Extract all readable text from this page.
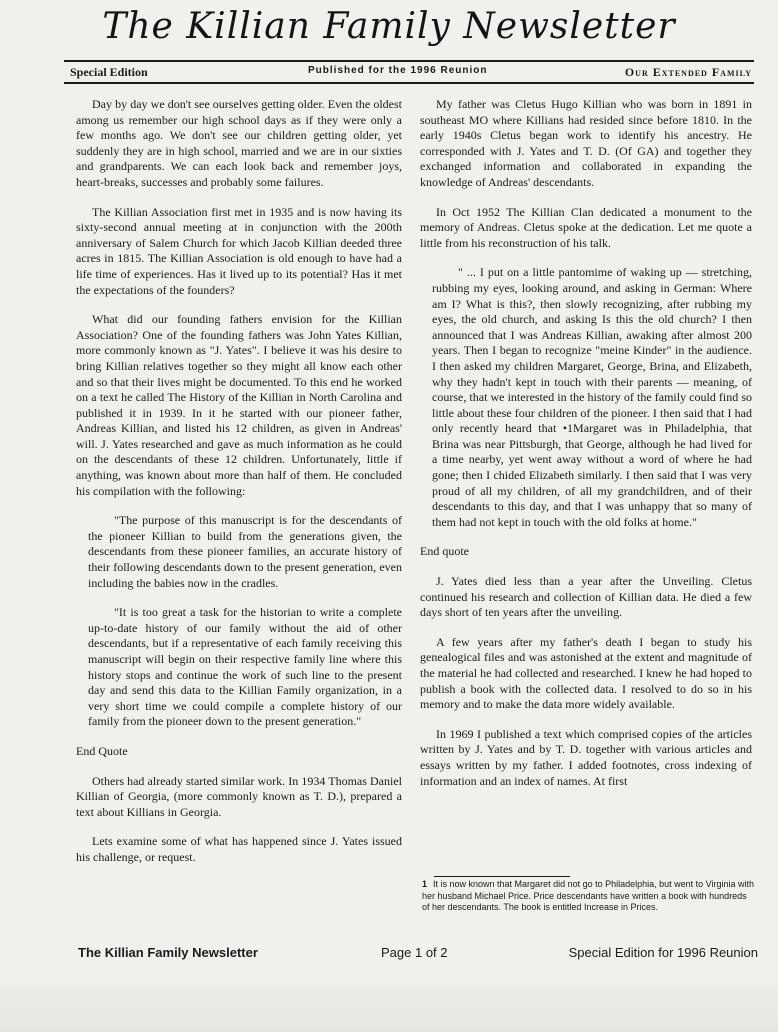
The Killian Family Newsletter
Special Edition	Published for the 1996 Reunion	Our Extended Family

Day by day we don't see ourselves getting older. Even the oldest among us remember our high school days as if they were only a few months ago. We don't see our children getting older, yet suddenly they are in high school, married and we are in our sixties and grandparents. We can each look back and remember joys, heart-breaks, successes and probably some failures.

The Killian Association first met in 1935 and is now having its sixty-second annual meeting at in conjunction with the 200th anniversary of Salem Church for which Jacob Killian deeded three acres in 1815. The Killian Association is old enough to have had a life time of experiences. Has it lived up to its potential? Has it met the expectations of the founders?

What did our founding fathers envision for the Killian Association? One of the founding fathers was John Yates Killian, more commonly known as "J. Yates". I believe it was his desire to bring Killian relatives together so they might all know each other and so that their lives might be documented. To this end he worked on a text he called The History of the Killian in North Carolina and published it in 1939. In it he started with our pioneer father, Andreas Killian, and listed his 12 children, as given in Andreas' will. J. Yates researched and gave as much information as he could on the descendants of these 12 children. Unfortunately, little if anything, was known about more than half of them. He concluded his compilation with the following:

"The purpose of this manuscript is for the descendants of the pioneer Killian to build from the generations given, the descendants from these pioneer families, an accurate history of their following descendants down to the present generation, even including the babies now in the cradles.

"It is too great a task for the historian to write a complete up-to-date history of our family without the aid of other descendants, but if a representative of each family receiving this manuscript will begin on their respective family line where this history stops and continue the work of such line to the present day and send this data to the Killian Family organization, in a very short time we could compile a complete history of our family from the pioneer down to the present generation."

End Quote

Others had already started similar work. In 1934 Thomas Daniel Killian of Georgia, (more commonly known as T. D.), prepared a text about Killians in Georgia.

Lets examine some of what has happened since J. Yates issued his challenge, or request.

My father was Cletus Hugo Killian who was born in 1891 in southeast MO where Killians had resided since before 1810. In the early 1940s Cletus began work to identify his ancestry. He corresponded with J. Yates and T. D. (Of GA) and together they exchanged information and collaborated in expanding the knowledge of Andreas' descendants.

In Oct 1952 The Killian Clan dedicated a monument to the memory of Andreas. Cletus spoke at the dedication. Let me quote a little from his reconstruction of his talk.

" ... I put on a little pantomime of waking up — stretching, rubbing my eyes, looking around, and asking in German: Where am I? What is this?, then slowly recognizing, after rubbing my eyes, the old church, and asking Is this the old church? I then announced that I was Andreas Killian, awaking after almost 200 years. Then I began to recognize "meine Kinder" in the audience. I then asked my children Margaret, George, Brina, and Elizabeth, why they hadn't kept in touch with their parents — meaning, of course, that we interested in the history of the family could find so little about these four children of the pioneer. I then said that I had only recently heard that •1Margaret was in Philadelphia, that Brina was near Pittsburgh, that George, although he had lived for a time nearby, yet went away without a word of where he had gone; then I chided Elizabeth similarly. I then said that I was very proud of all my children, of all my grandchildren, and of their descendants to this day, and that I was unhappy that so many of them had not kept in touch with the old folks at home."

End quote

J. Yates died less than a year after the Unveiling. Cletus continued his research and collection of Killian data. He died a few days short of ten years after the unveiling.

A few years after my father's death I began to study his genealogical files and was astonished at the extent and magnitude of the material he had collected and researched. I knew he had hoped to publish a book with the collected data. I resolved to do so in his memory and to make the data more widely available.

In 1969 I published a text which comprised copies of the articles written by J. Yates and by T. D. together with various articles and essays written by my father. I added footnotes, cross indexing of information and an index of names. At first

1 It is now known that Margaret did not go to Philadelphia, but went to Virginia with her husband Michael Price. Price descendants have written a book with hundreds of her descendants. The book is entitled Increase in Prices.
The Killian Family Newsletter	Page 1 of 2	Special Edition for 1996 Reunion
